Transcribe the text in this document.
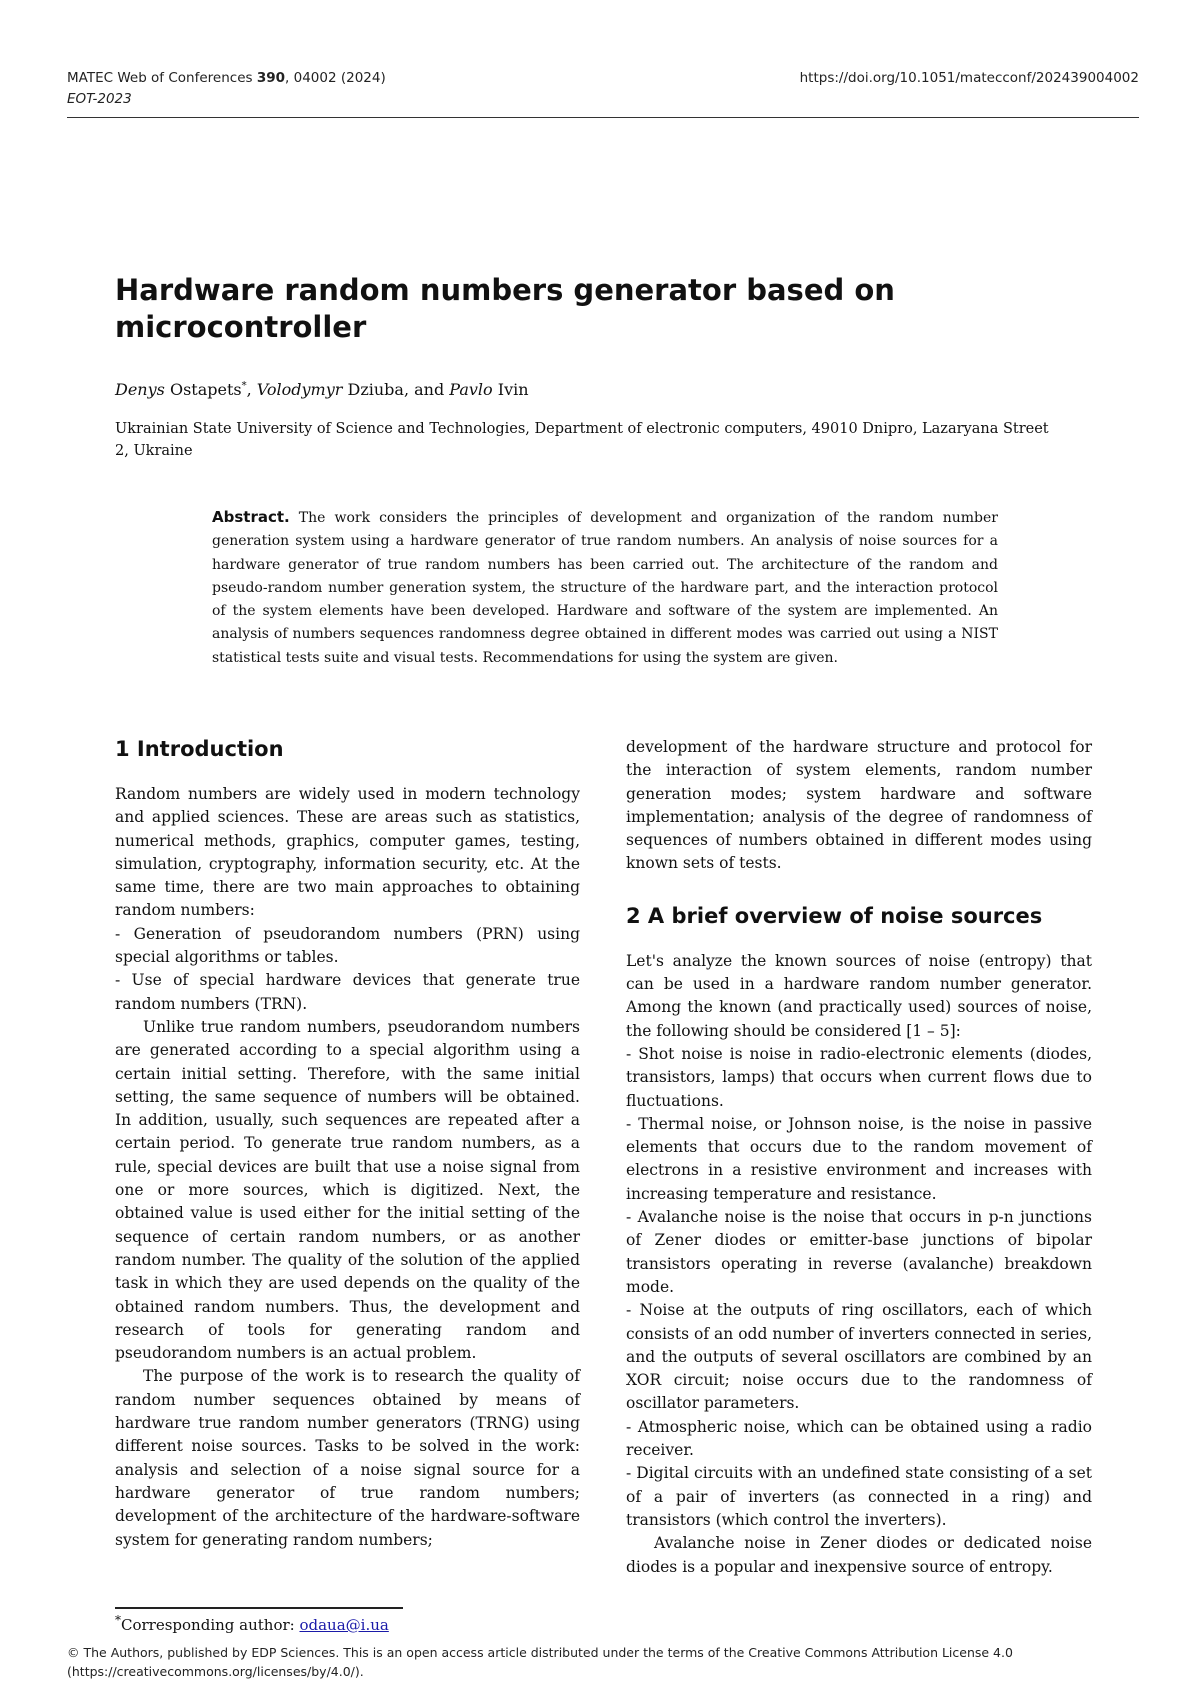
MATEC Web of Conferences 390, 04002 (2024)	https://doi.org/10.1051/matecconf/202439004002
EOT-2023
Hardware random numbers generator based on microcontroller
Denys Ostapets*, Volodymyr Dziuba, and Pavlo Ivin
Ukrainian State University of Science and Technologies, Department of electronic computers, 49010 Dnipro, Lazaryana Street 2, Ukraine

Abstract. The work considers the principles of development and organization of the random number generation system using a hardware generator of true random numbers. An analysis of noise sources for a hardware generator of true random numbers has been carried out. The architecture of the random and pseudo-random number generation system, the structure of the hardware part, and the interaction protocol of the system elements have been developed. Hardware and software of the system are implemented. An analysis of numbers sequences randomness degree obtained in different modes was carried out using a NIST statistical tests suite and visual tests. Recommendations for using the system are given.

1 Introduction

Random numbers are widely used in modern technology and applied sciences. These are areas such as statistics, numerical methods, graphics, computer games, testing, simulation, cryptography, information security, etc. At the same time, there are two main approaches to obtaining random numbers:

- Generation of pseudorandom numbers (PRN) using special algorithms or tables.

- Use of special hardware devices that generate true random numbers (TRN).

Unlike true random numbers, pseudorandom numbers are generated according to a special algorithm using a certain initial setting. Therefore, with the same initial setting, the same sequence of numbers will be obtained. In addition, usually, such sequences are repeated after a certain period. To generate true random numbers, as a rule, special devices are built that use a noise signal from one or more sources, which is digitized. Next, the obtained value is used either for the initial setting of the sequence of certain random numbers, or as another random number. The quality of the solution of the applied task in which they are used depends on the quality of the obtained random numbers. Thus, the development and research of tools for generating random and pseudorandom numbers is an actual problem.

The purpose of the work is to research the quality of random number sequences obtained by means of hardware true random number generators (TRNG) using different noise sources. Tasks to be solved in the work: analysis and selection of a noise signal source for a hardware generator of true random numbers; development of the architecture of the hardware-software system for generating random numbers;

development of the hardware structure and protocol for the interaction of system elements, random number generation modes; system hardware and software implementation; analysis of the degree of randomness of sequences of numbers obtained in different modes using known sets of tests.

2 A brief overview of noise sources

Let's analyze the known sources of noise (entropy) that can be used in a hardware random number generator. Among the known (and practically used) sources of noise, the following should be considered [1 – 5]:

- Shot noise is noise in radio-electronic elements (diodes, transistors, lamps) that occurs when current flows due to fluctuations.

- Thermal noise, or Johnson noise, is the noise in passive elements that occurs due to the random movement of electrons in a resistive environment and increases with increasing temperature and resistance.

- Avalanche noise is the noise that occurs in p-n junctions of Zener diodes or emitter-base junctions of bipolar transistors operating in reverse (avalanche) breakdown mode.

- Noise at the outputs of ring oscillators, each of which consists of an odd number of inverters connected in series, and the outputs of several oscillators are combined by an XOR circuit; noise occurs due to the randomness of oscillator parameters.

- Atmospheric noise, which can be obtained using a radio receiver.

- Digital circuits with an undefined state consisting of a set of a pair of inverters (as connected in a ring) and transistors (which control the inverters).

Avalanche noise in Zener diodes or dedicated noise diodes is a popular and inexpensive source of entropy.

*Corresponding author: odaua@i.ua
© The Authors, published by EDP Sciences. This is an open access article distributed under the terms of the Creative Commons Attribution License 4.0
(https://creativecommons.org/licenses/by/4.0/).
